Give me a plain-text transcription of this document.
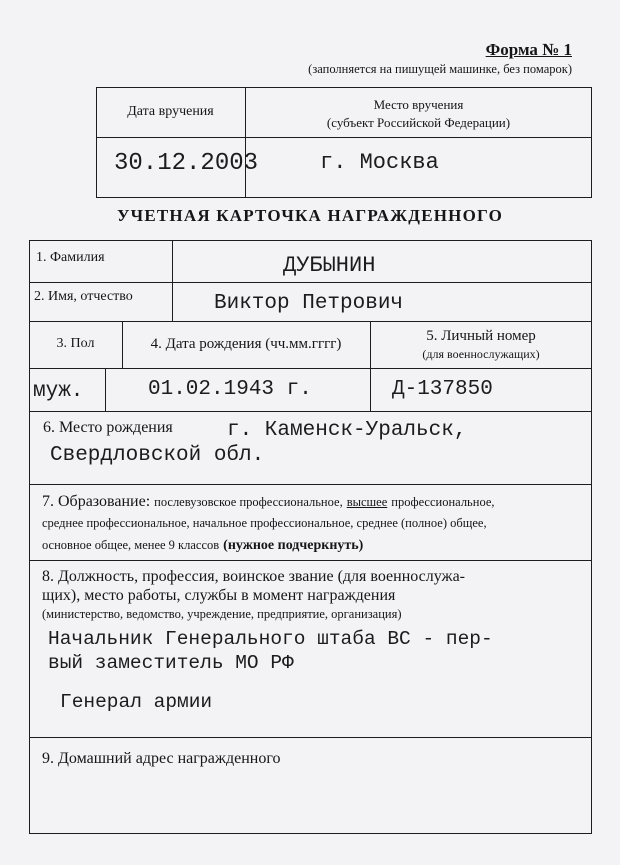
Форма № 1
(заполняется на пишущей машинке, без помарок)
Дата вручения	Место вручения
(субъект Российской Федерации)
30.12.2003	г. Москва
УЧЕТНАЯ КАРТОЧКА НАГРАЖДЕННОГО
1. Фамилия	ДУБЫНИН
2. Имя, отчество	Виктор Петрович
3. Пол	4. Дата рождения (чч.мм.гггг)	5. Личный номер
(для военнослужащих)
муж.	01.02.1943 г.	Д-137850
6. Место рождения	г. Каменск-Уральск,
Свердловской обл.
7. Образование: послевузовское профессиональное, высшее профессиональное,
среднее профессиональное, начальное профессиональное, среднее (полное) общее,
основное общее, менее 9 классов (нужное подчеркнуть)
8. Должность, профессия, воинское звание (для военнослужа-
щих), место работы, службы в момент награждения
(министерство, ведомство, учреждение, предприятие, организация)
Начальник Генерального штаба ВС - пер-
вый заместитель МО РФ
Генерал армии
9. Домашний адрес награжденного
